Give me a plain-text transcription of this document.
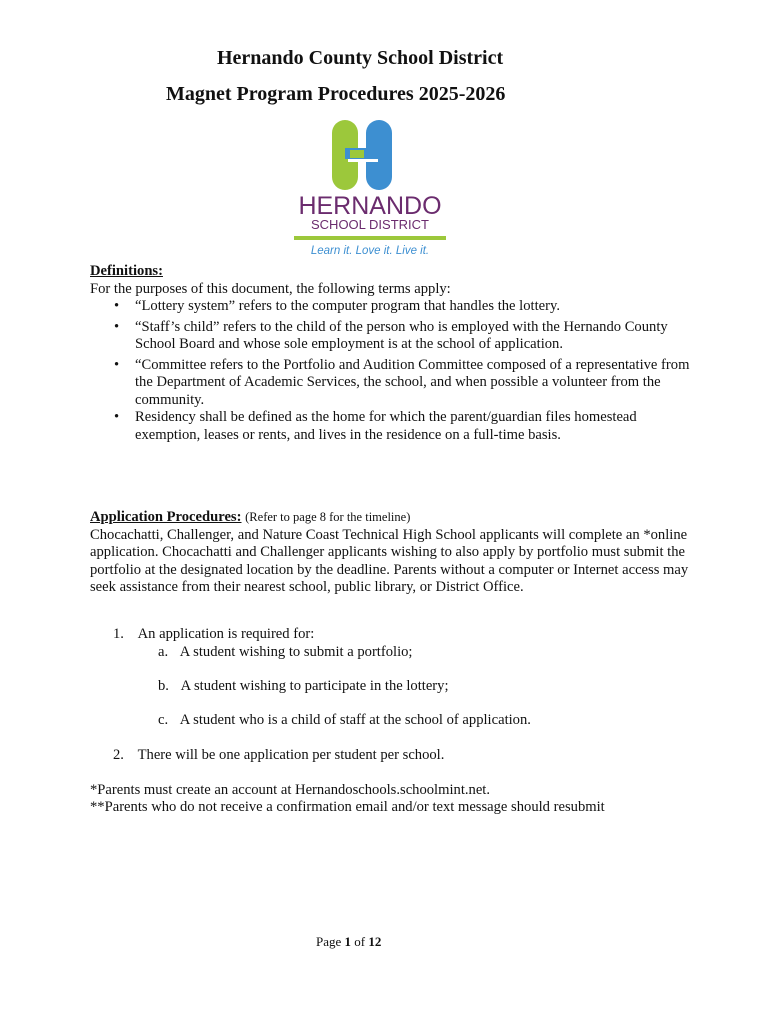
Hernando County School District
Magnet Program Procedures 2025-2026
HERNANDO
SCHOOL DISTRICT
Learn it. Love it. Live it.
Definitions:
For the purposes of this document, the following terms apply:
• “Lottery system” refers to the computer program that handles the lottery.
• “Staff’s child” refers to the child of the person who is employed with the Hernando County School Board and whose sole employment is at the school of application.
• “Committee refers to the Portfolio and Audition Committee composed of a representative from the Department of Academic Services, the school, and when possible a volunteer from the community.
• Residency shall be defined as the home for which the parent/guardian files homestead exemption, leases or rents, and lives in the residence on a full-time basis.
Application Procedures: (Refer to page 8 for the timeline)
Chocachatti, Challenger, and Nature Coast Technical High School applicants will complete an *online application. Chocachatti and Challenger applicants wishing to also apply by portfolio must submit the portfolio at the designated location by the deadline. Parents without a computer or Internet access may seek assistance from their nearest school, public library, or District Office.
1. An application is required for:
a. A student wishing to submit a portfolio;
b. A student wishing to participate in the lottery;
c. A student who is a child of staff at the school of application.
2. There will be one application per student per school.
*Parents must create an account at Hernandoschools.schoolmint.net.
**Parents who do not receive a confirmation email and/or text message should resubmit
Page 1 of 12
